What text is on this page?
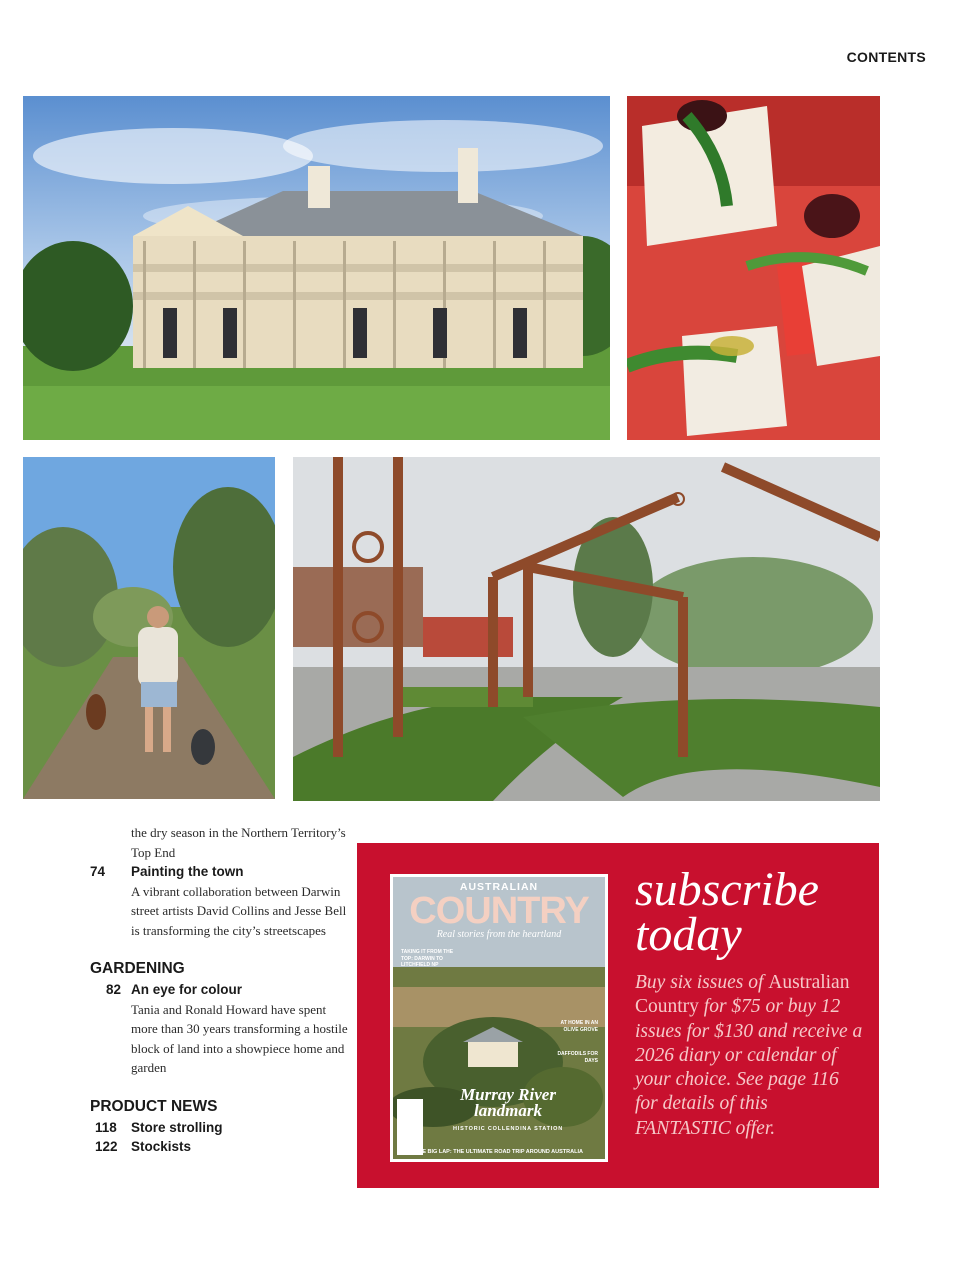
CONTENTS
the dry season in the Northern Territory’s Top End
74	Painting the town
A vibrant collaboration between Darwin street artists David Collins and Jesse Bell is transforming the city’s streetscapes
GARDENING
82 An eye for colour
Tania and Ronald Howard have spent more than 30 years transforming a hostile block of land into a showpiece home and garden
PRODUCT NEWS
118	Store strolling
122 Stockists
AUSTRALIAN
COUNTRY
Real stories from the heartland
TAKING IT FROM THE TOP: DARWIN TO LITCHFIELD NP
AT HOME IN AN OLIVE GROVE
DAFFODILS FOR DAYS
Murray River
landmark
HISTORIC COLLENDINA STATION
THE BIG LAP: THE ULTIMATE ROAD TRIP AROUND AUSTRALIA
subscribe
today
Buy six issues of Australian Country for $75 or buy 12 issues for $130 and receive a 2026 diary or calendar of your choice. See page 116 for details of this FANTASTIC offer.
